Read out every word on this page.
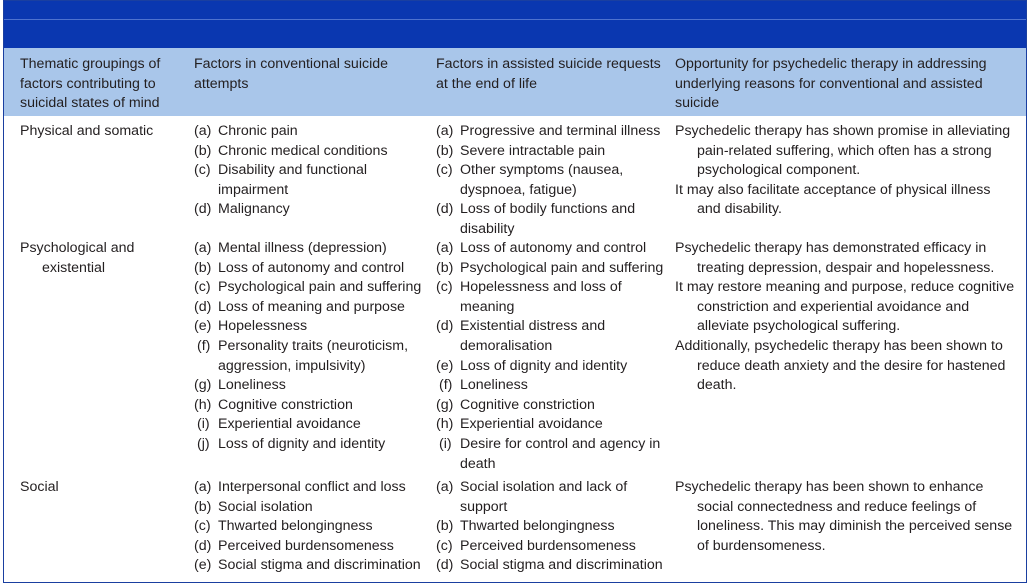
Thematic groupings of factors contributing to suicidal states of mind
Factors in conventional suicide attempts
Factors in assisted suicide requests at the end of life
Opportunity for psychedelic therapy in addressing underlying reasons for conventional and assisted suicide
Physical and somatic	(a) Chronic pain
(b) Chronic medical conditions
(c) Disability and functional impairment
(d) Malignancy
(a) Progressive and terminal illness
(b) Severe intractable pain
(c) Other symptoms (nausea, dyspnoea, fatigue)
(d) Loss of bodily functions and disability
Psychedelic therapy has shown promise in alleviating pain-related suffering, which often has a strong psychological component.
It may also facilitate acceptance of physical illness and disability.
Psychological and existential
(a) Mental illness (depression)
(b) Loss of autonomy and control
(c) Psychological pain and suffering
(d) Loss of meaning and purpose
(e) Hopelessness
(f) Personality traits (neuroticism, aggression, impulsivity)
(g) Loneliness
(h) Cognitive constriction
(i) Experiential avoidance
(j) Loss of dignity and identity
(a) Loss of autonomy and control
(b) Psychological pain and suffering
(c) Hopelessness and loss of meaning
(d) Existential distress and demoralisation
(e) Loss of dignity and identity
(f) Loneliness
(g) Cognitive constriction
(h) Experiential avoidance
(i) Desire for control and agency in death
Psychedelic therapy has demonstrated efficacy in treating depression, despair and hopelessness.
It may restore meaning and purpose, reduce cognitive constriction and experiential avoidance and alleviate psychological suffering.
Additionally, psychedelic therapy has been shown to reduce death anxiety and the desire for hastened death.
Social	(a) Interpersonal conflict and loss
(b) Social isolation
(c) Thwarted belongingness
(d) Perceived burdensomeness
(e) Social stigma and discrimination
(a) Social isolation and lack of support
(b) Thwarted belongingness
(c) Perceived burdensomeness
(d) Social stigma and discrimination
Psychedelic therapy has been shown to enhance social connectedness and reduce feelings of loneliness. This may diminish the perceived sense of burdensomeness.
